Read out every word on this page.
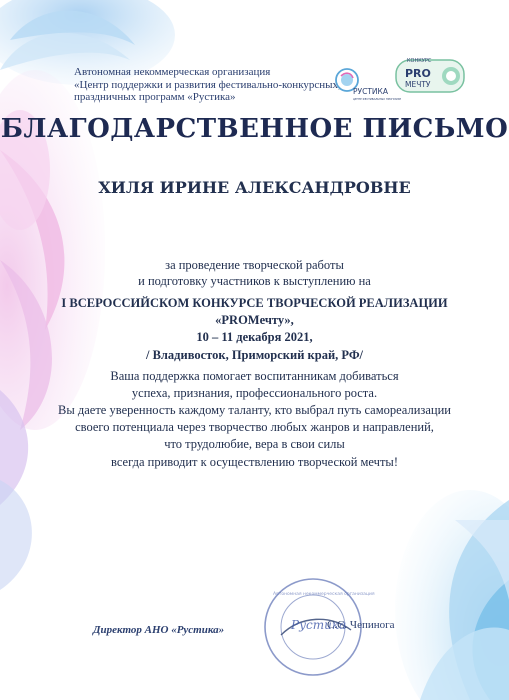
Автономная некоммерческая организация
«Центр поддержки и развития фестивально-конкурсных,
праздничных программ «Рустика»	РУСТИКА
ЦЕНТР ФЕСТИВАЛЬНЫХ ПРОГРАММ
КОНКУРС
PRO
МЕЧТУ
БЛАГОДАРСТВЕННОЕ ПИСЬМО
ХИЛЯ ИРИНЕ АЛЕКСАНДРОВНЕ
за проведение творческой работы
и подготовку участников к выступлению на
I ВСЕРОССИЙСКОМ КОНКУРСЕ ТВОРЧЕСКОЙ РЕАЛИЗАЦИИ
«PROMечту»,
10 – 11 декабря 2021,
/ Владивосток, Приморский край, РФ/
Ваша поддержка помогает воспитанникам добиваться
успеха, признания, профессионального роста.
Вы даете уверенность каждому таланту, кто выбрал путь самореализации
своего потенциала через творчество любых жанров и направлений,
что трудолюбие, вера в свои силы
всегда приводит к осуществлению творческой мечты!
Рустика
Автономная некоммерческая организация
Директор АНО «Рустика»	С.С. Чепинога
